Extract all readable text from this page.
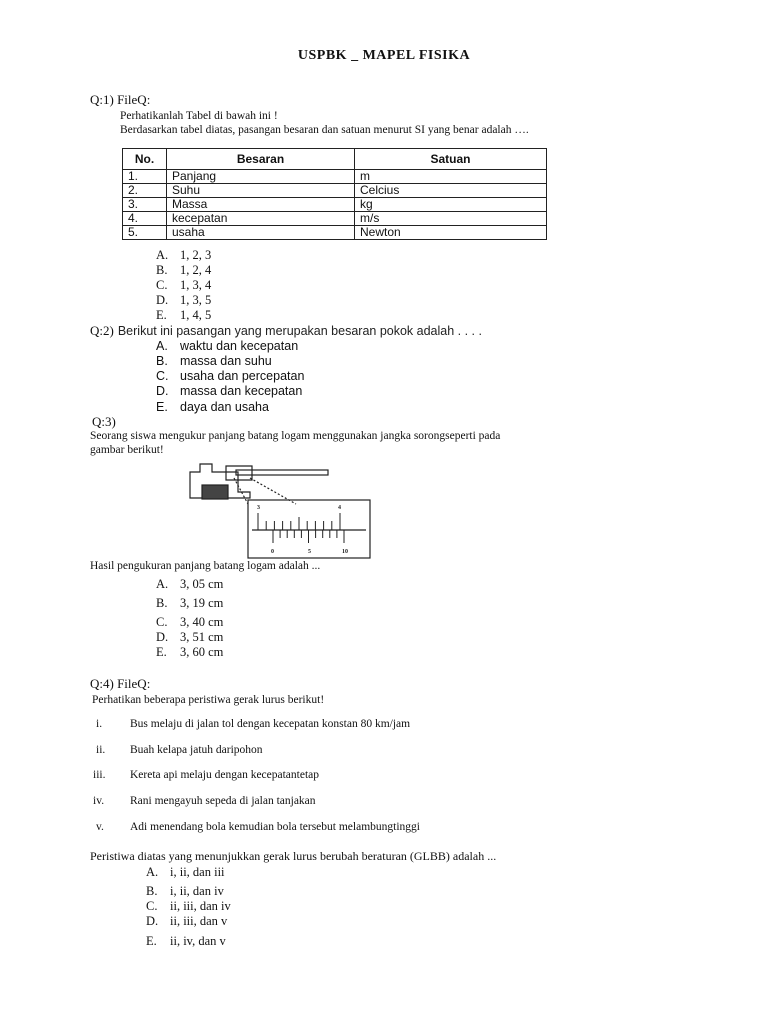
USPBK _ MAPEL FISIKA
Q:1) FileQ:
Perhatikanlah Tabel di bawah ini !
Berdasarkan tabel diatas, pasangan besaran dan satuan menurut SI yang benar adalah ….
No.	Besaran	Satuan
1.	Panjang	m
2.	Suhu	Celcius
3.	Massa	kg
4.	kecepatan	m/s
5.	usaha	Newton
A. 1, 2, 3
B. 1, 2, 4
C. 1, 3, 4
D. 1, 3, 5
E. 1, 4, 5
Q:2) Berikut ini pasangan yang merupakan besaran pokok adalah . . . .
A. waktu dan kecepatan
B. massa dan suhu
C. usaha dan percepatan
D. massa dan kecepatan
E. daya dan usaha
Q:3)
Seorang siswa mengukur panjang batang logam menggunakan jangka sorongseperti pada
gambar berikut!
3	4
0	5	10
Hasil pengukuran panjang batang logam adalah ...
A. 3, 05 cm
B. 3, 19 cm
C. 3, 40 cm
D. 3, 51 cm
E. 3, 60 cm
Q:4) FileQ:
Perhatikan beberapa peristiwa gerak lurus berikut!
i. Bus melaju di jalan tol dengan kecepatan konstan 80 km/jam
ii. Buah kelapa jatuh daripohon
iii. Kereta api melaju dengan kecepatantetap
iv. Rani mengayuh sepeda di jalan tanjakan
v. Adi menendang bola kemudian bola tersebut melambungtinggi
Peristiwa diatas yang menunjukkan gerak lurus berubah beraturan (GLBB) adalah ...
A. i, ii, dan iii
B. i, ii, dan iv
C. ii, iii, dan iv
D. ii, iii, dan v
E. ii, iv, dan v
